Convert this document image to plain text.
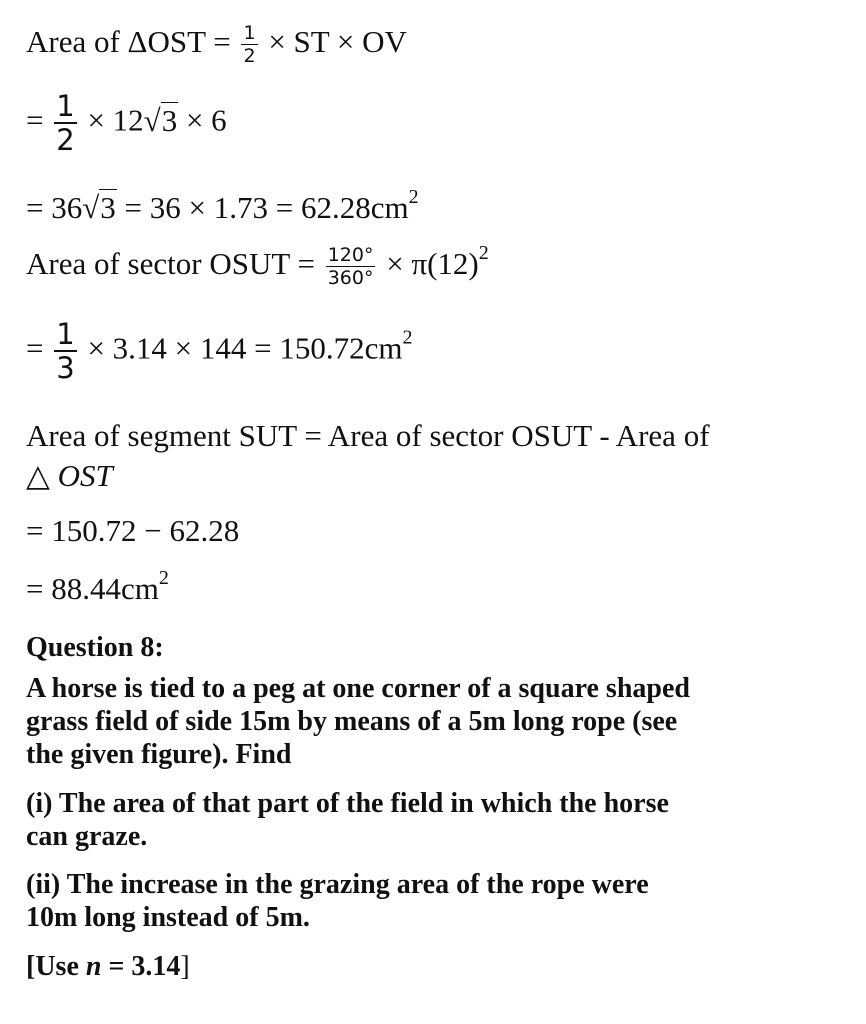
Area of $\Delta OST = \frac{1}{2}$ × ST × OV
= $\frac{1}{2} \times 12√3 \times 6$
= $36√3 = 36 \times 1.73 = 62.28cm^2$
Area of sector OSUT = $\frac{120^\circ}{360^\circ} \times \pi(12)^2$
= $\frac{1}{3} \times 3.14 \times 144 = 150.72cm^2$
Area of segment SUT = Area of sector OSUT - Area of
△ OST
= 150.72 − 62.28
= $88.44cm^2$
Question 8:
A horse is tied to a peg at one corner of a square shaped
grass field of side 15m by means of a 5m long rope (see
the given figure). Find
(i) The area of that part of the field in which the horse
can graze.
(ii) The increase in the grazing area of the rope were
10m long instead of 5m.
[Use n = 3.14]
